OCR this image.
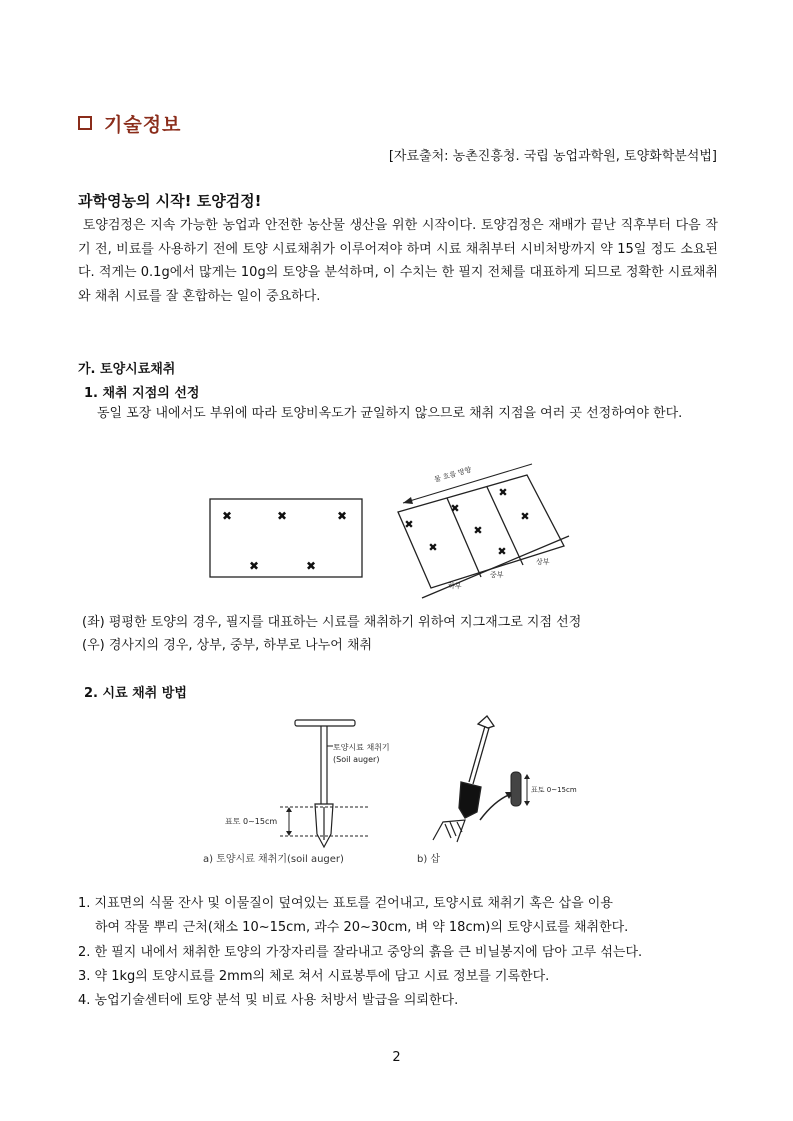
기술정보
[자료출처: 농촌진흥청. 국립 농업과학원, 토양화학분석법]
과학영농의 시작! 토양검정!
토양검정은 지속 가능한 농업과 안전한 농산물 생산을 위한 시작이다. 토양검정은 재배가 끝난 직후부터 다음 작기 전, 비료를 사용하기 전에 토양 시료채취가 이루어져야 하며 시료 채취부터 시비처방까지 약 15일 정도 소요된다. 적게는 0.1g에서 많게는 10g의 토양을 분석하며, 이 수치는 한 필지 전체를 대표하게 되므로 정확한 시료채취와 채취 시료를 잘 혼합하는 일이 중요하다.
가. 토양시료채취
1. 채취 지점의 선정
동일 포장 내에서도 부위에 따라 토양비옥도가 균일하지 않으므로 채취 지점을 여러 곳 선정하여야 한다.
✖	✖	✖
✖	✖
물 흐름 방향
✖
✖
✖
✖
✖
✖
✖
상부
중부
하부
(좌) 평평한 토양의 경우, 필지를 대표하는 시료를 채취하기 위하여 지그재그로 지점 선정
(우) 경사지의 경우, 상부, 중부, 하부로 나누어 채취
2. 시료 채취 방법
토양시료 채취기
(Soil auger)
표토 0~15cm
표토 0~15cm
a) 토양시료 채취기(soil auger)	b) 삽
1. 지표면의 식물 잔사 및 이물질이 덮여있는 표토를 걷어내고, 토양시료 채취기 혹은 삽을 이용
하여 작물 뿌리 근처(채소 10~15cm, 과수 20~30cm, 벼 약 18cm)의 토양시료를 채취한다.
2. 한 필지 내에서 채취한 토양의 가장자리를 잘라내고 중앙의 흙을 큰 비닐봉지에 담아 고루 섞는다.
3. 약 1kg의 토양시료를 2mm의 체로 쳐서 시료봉투에 담고 시료 정보를 기록한다.
4. 농업기술센터에 토양 분석 및 비료 사용 처방서 발급을 의뢰한다.
2
